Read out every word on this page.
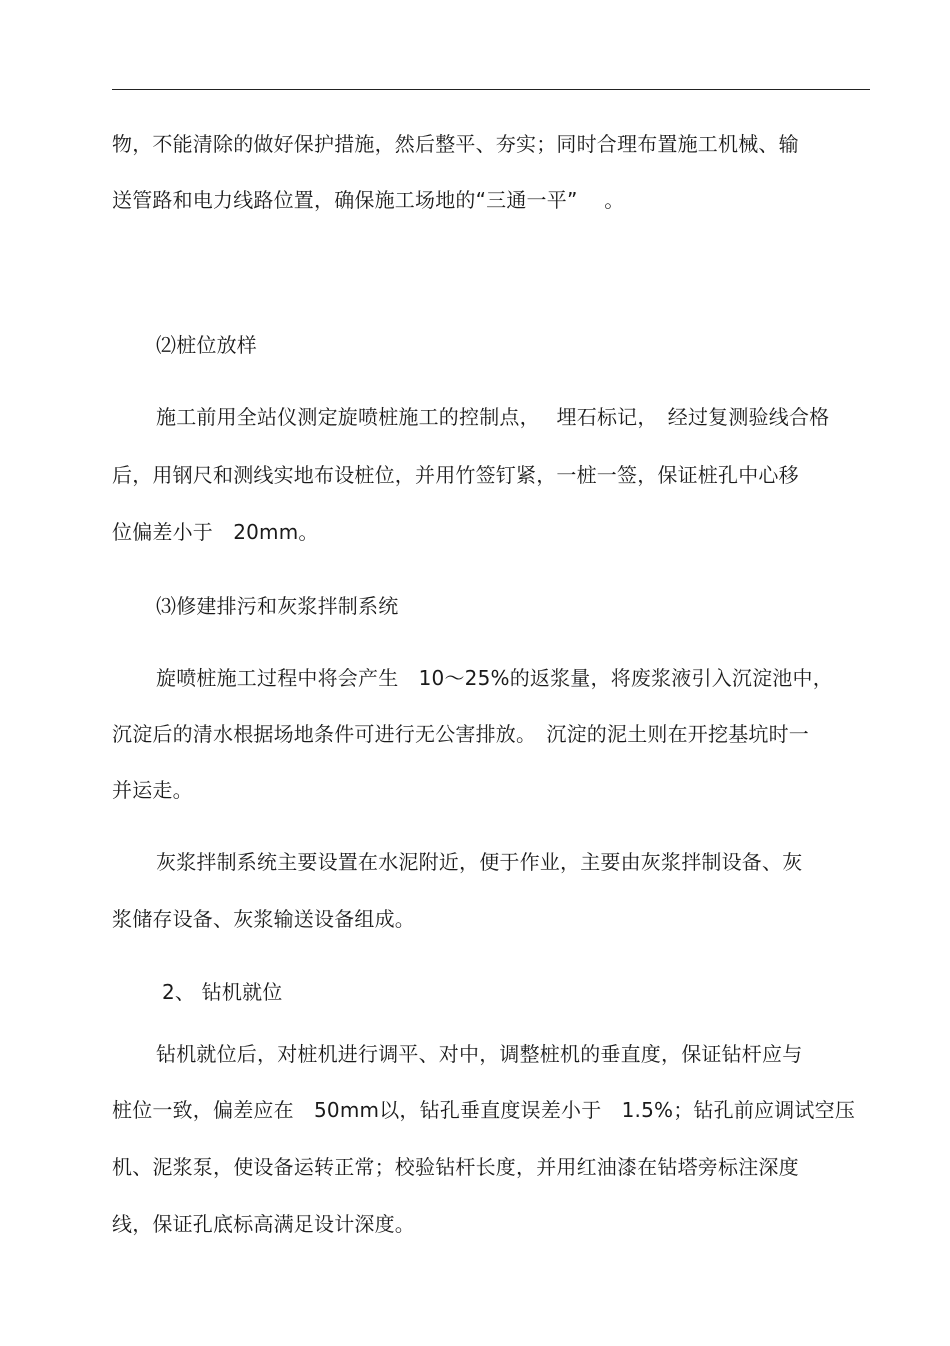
物，不能清除的做好保护措施，然后整平、夯实；同时合理布置施工机械、输
送管路和电力线路位置，确保施工场地的“三通一平”　 。
⑵桩位放样
施工前用全站仪测定旋喷桩施工的控制点，　 埋石标记，　经过复测验线合格
后，用钢尺和测线实地布设桩位，并用竹签钉紧，一桩一签，保证桩孔中心移
位偏差小于　20mm。
⑶修建排污和灰浆拌制系统
旋喷桩施工过程中将会产生　10～25%的返浆量，将废浆液引入沉淀池中，
沉淀后的清水根据场地条件可进行无公害排放。　沉淀的泥土则在开挖基坑时一
并运走。
灰浆拌制系统主要设置在水泥附近，便于作业，主要由灰浆拌制设备、灰
浆储存设备、灰浆输送设备组成。
2、 钻机就位
钻机就位后，对桩机进行调平、对中，调整桩机的垂直度，保证钻杆应与
桩位一致，偏差应在　50mm以，钻孔垂直度误差小于　1.5%；钻孔前应调试空压
机、泥浆泵，使设备运转正常；校验钻杆长度，并用红油漆在钻塔旁标注深度
线，保证孔底标高满足设计深度。
